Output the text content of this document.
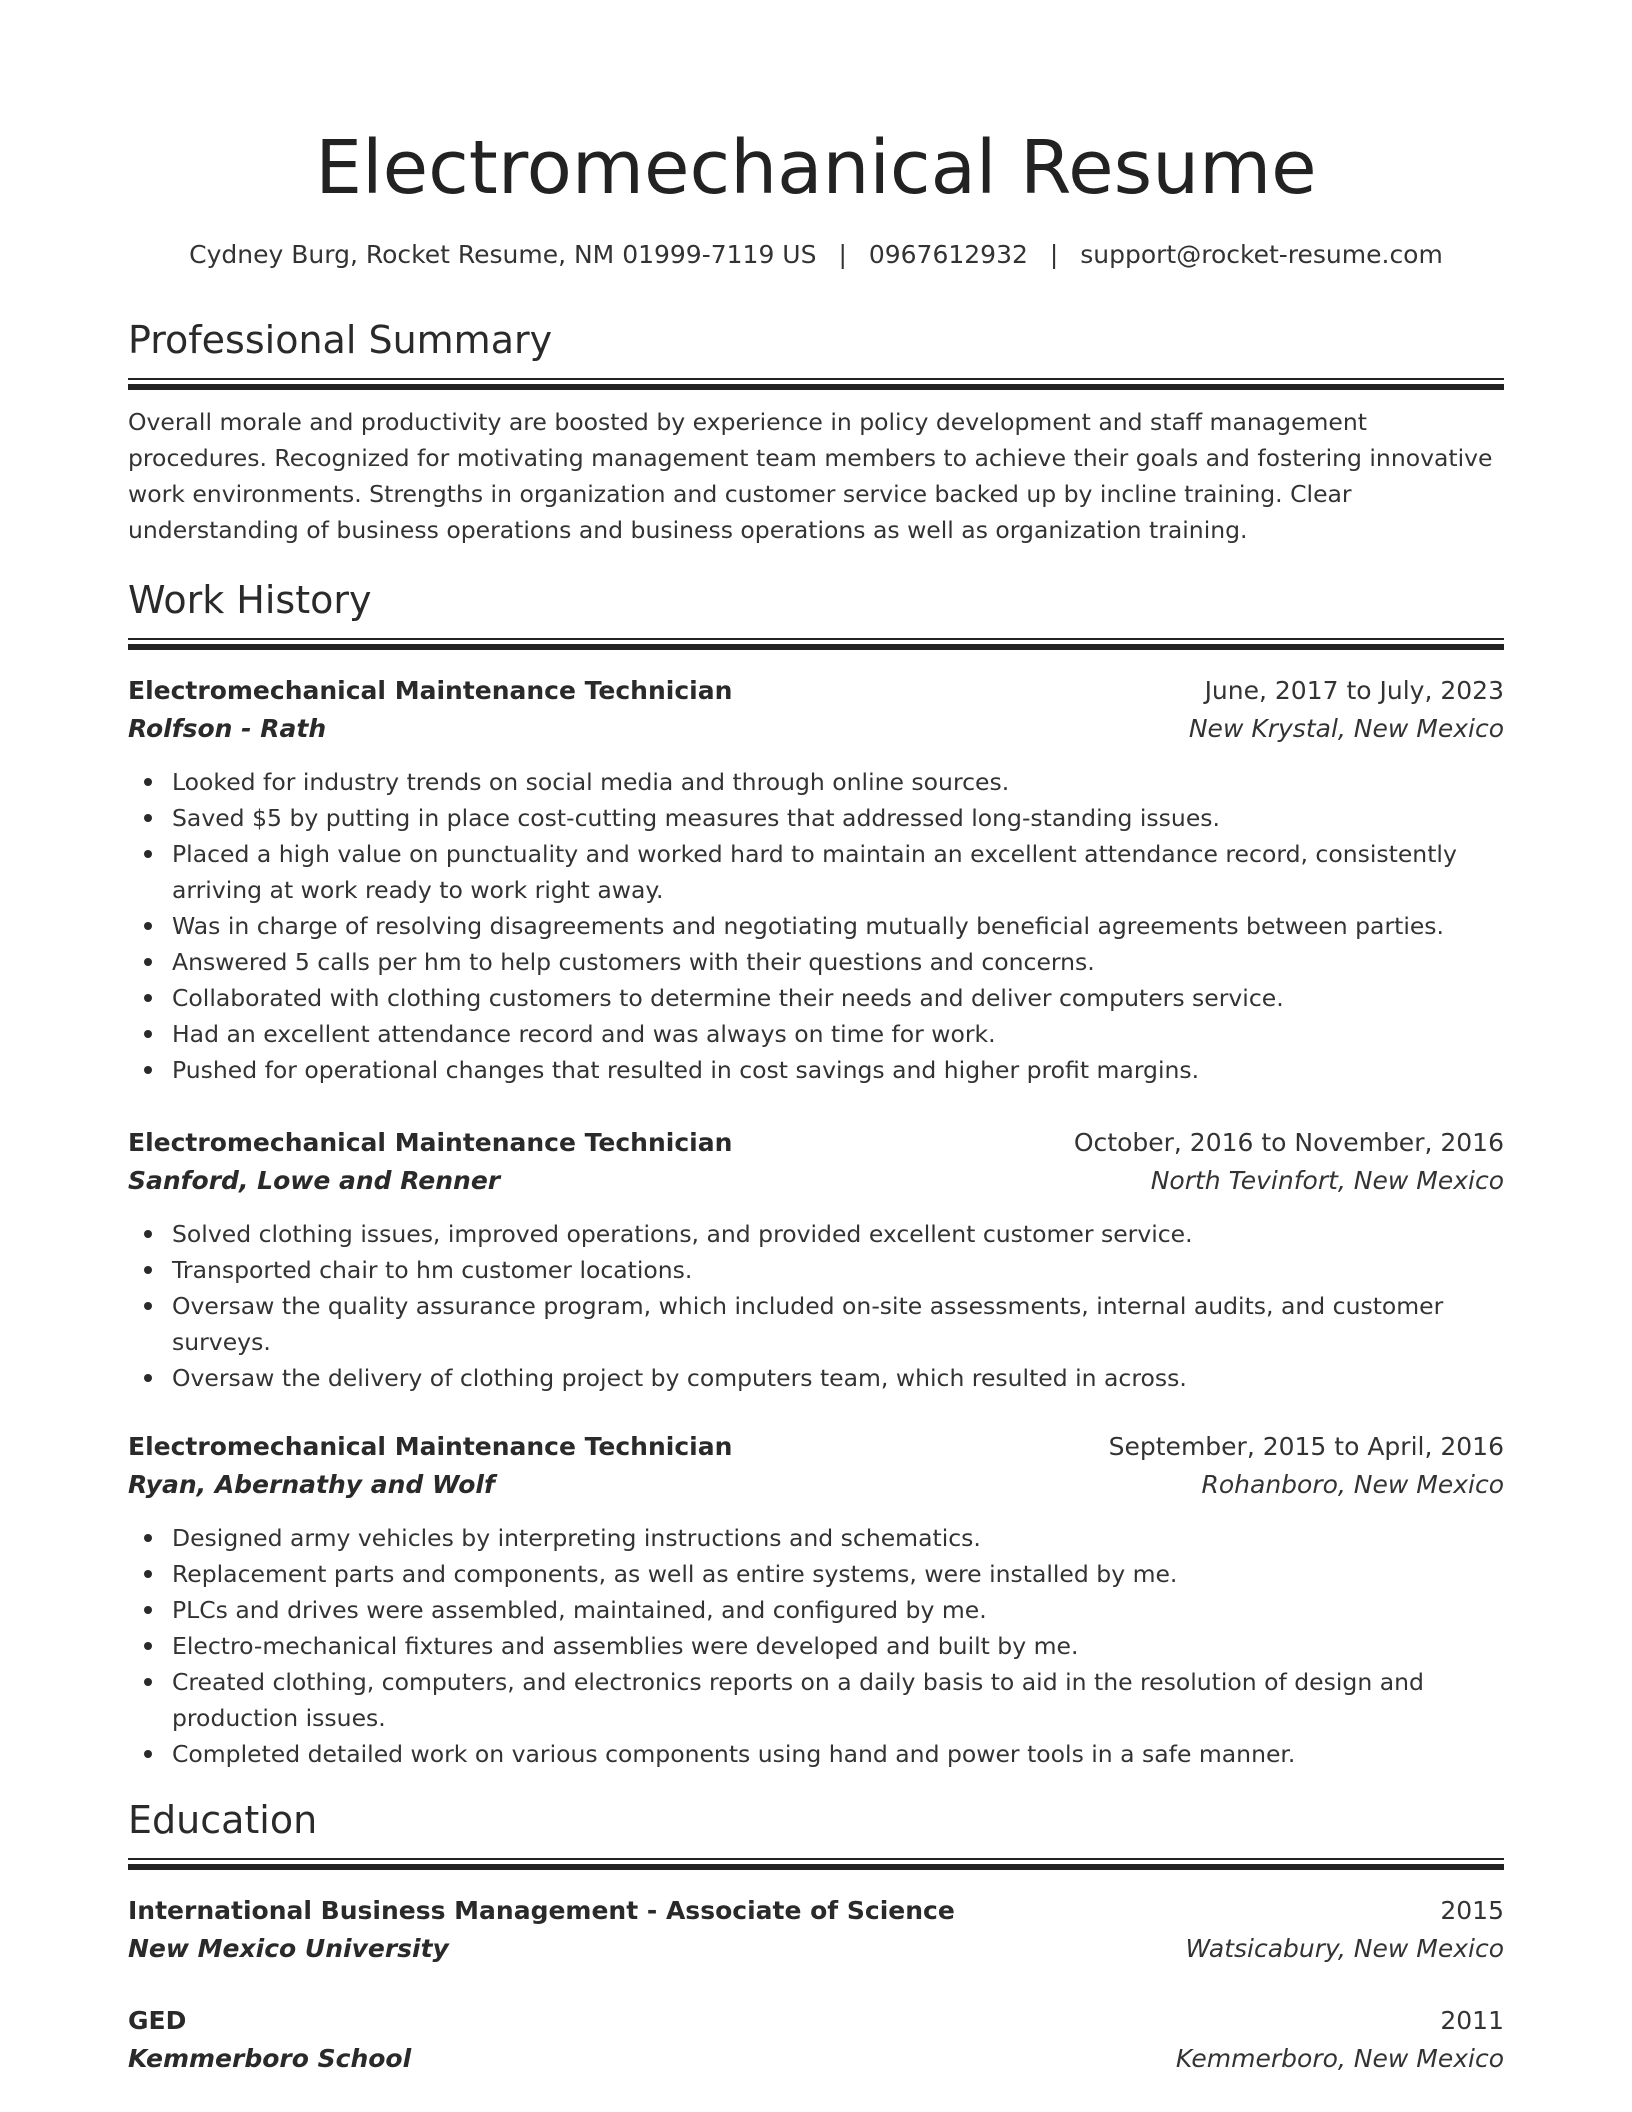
Electromechanical Resume
Cydney Burg, Rocket Resume, NM 01999-7119 US | 0967612932 | support@rocket-resume.com
Professional Summary

Overall morale and productivity are boosted by experience in policy development and staff management procedures. Recognized for motivating management team members to achieve their goals and fostering innovative work environments. Strengths in organization and customer service backed up by incline training. Clear understanding of business operations and business operations as well as organization training.

Work History
Electromechanical Maintenance Technician	June, 2017 to July, 2023
Rolfson - Rath	New Krystal, New Mexico
Looked for industry trends on social media and through online sources.
Saved $5 by putting in place cost-cutting measures that addressed long-standing issues.
Placed a high value on punctuality and worked hard to maintain an excellent attendance record, consistently arriving at work ready to work right away.
Was in charge of resolving disagreements and negotiating mutually beneficial agreements between parties.
Answered 5 calls per hm to help customers with their questions and concerns.
Collaborated with clothing customers to determine their needs and deliver computers service.
Had an excellent attendance record and was always on time for work.
Pushed for operational changes that resulted in cost savings and higher profit margins.
Electromechanical Maintenance Technician	October, 2016 to November, 2016
Sanford, Lowe and Renner	North Tevinfort, New Mexico
Solved clothing issues, improved operations, and provided excellent customer service.
Transported chair to hm customer locations.
Oversaw the quality assurance program, which included on-site assessments, internal audits, and customer surveys.
Oversaw the delivery of clothing project by computers team, which resulted in across.
Electromechanical Maintenance Technician	September, 2015 to April, 2016
Ryan, Abernathy and Wolf	Rohanboro, New Mexico
Designed army vehicles by interpreting instructions and schematics.
Replacement parts and components, as well as entire systems, were installed by me.
PLCs and drives were assembled, maintained, and configured by me.
Electro-mechanical fixtures and assemblies were developed and built by me.
Created clothing, computers, and electronics reports on a daily basis to aid in the resolution of design and production issues.
Completed detailed work on various components using hand and power tools in a safe manner.
Education
International Business Management - Associate of Science	2015
New Mexico University	Watsicabury, New Mexico
GED	2011
Kemmerboro School	Kemmerboro, New Mexico
